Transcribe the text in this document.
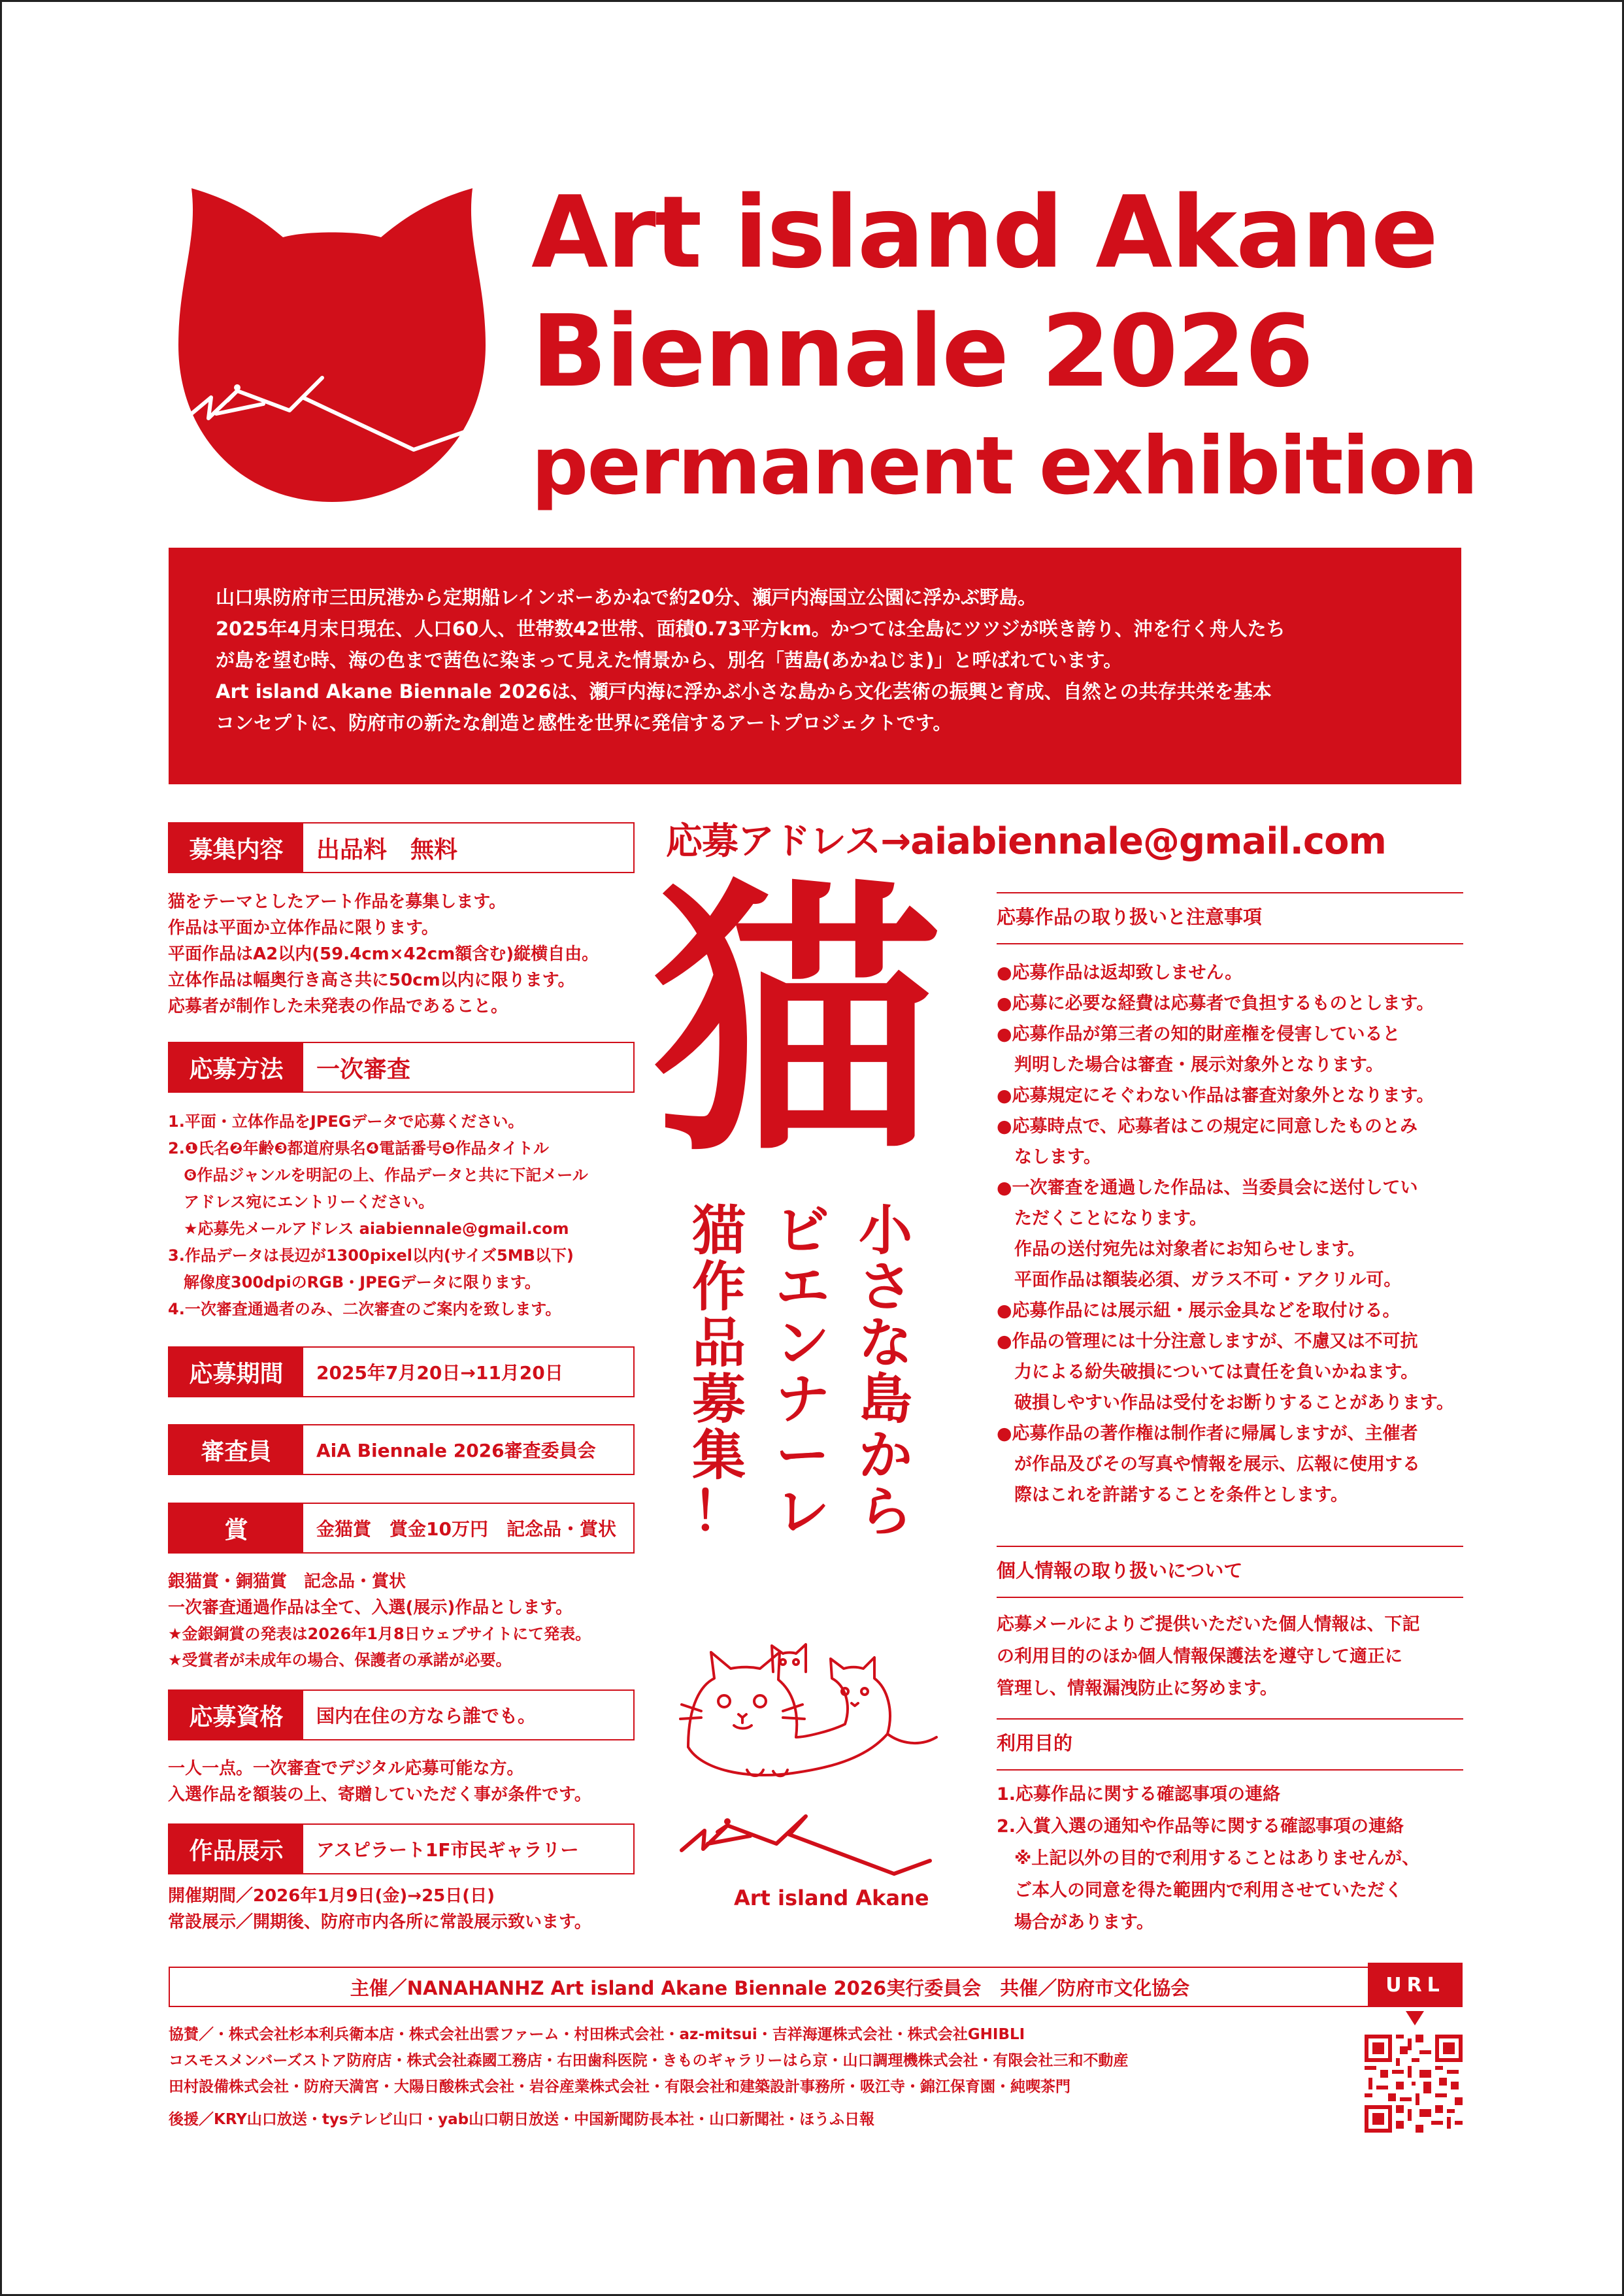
Art island Akane
Biennale 2026
permanent exhibition

山口県防府市三田尻港から定期船レインボーあかねで約20分、瀬戸内海国立公園に浮かぶ野島。

2025年4月末日現在、人口60人、世帯数42世帯、面積0.73平方km。かつては全島にツツジが咲き誇り、沖を行く舟人たち

が島を望む時、海の色まで茜色に染まって見えた情景から、別名「茜島(あかねじま)」と呼ばれています。

Art island Akane Biennale 2026は、瀬戸内海に浮かぶ小さな島から文化芸術の振興と育成、自然との共存共栄を基本

コンセプトに、防府市の新たな創造と感性を世界に発信するアートプロジェクトです。

募集内容	出品料　無料
猫をテーマとしたアート作品を募集します。
作品は平面か立体作品に限ります。
平面作品はA2以内(59.4cm×42cm額含む)縦横自由。
立体作品は幅奥行き高さ共に50cm以内に限ります。
応募者が制作した未発表の作品であること。
応募方法	一次審査
1.平面・立体作品をJPEGデータで応募ください。
2.❶氏名❷年齢❸都道府県名❹電話番号❺作品タイトル
　❻作品ジャンルを明記の上、作品データと共に下記メール
　アドレス宛にエントリーください。
　★応募先メールアドレス aiabiennale@gmail.com
3.作品データは長辺が1300pixel以内(サイズ5MB以下)
　解像度300dpiのRGB・JPEGデータに限ります。
4.一次審査通過者のみ、二次審査のご案内を致します。
応募期間	2025年7月20日→11月20日
審査員	AiA Biennale 2026審査委員会
賞	金猫賞　賞金10万円　記念品・賞状
銀猫賞・銅猫賞　記念品・賞状
一次審査通過作品は全て、入選(展示)作品とします。
★金銀銅賞の発表は2026年1月8日ウェブサイトにて発表。
★受賞者が未成年の場合、保護者の承諾が必要。
応募資格	国内在住の方なら誰でも。
一人一点。一次審査でデジタル応募可能な方。
入選作品を額装の上、寄贈していただく事が条件です。
作品展示	アスピラート1F市民ギャラリー
開催期間／2026年1月9日(金)→25日(日)
常設展示／開期後、防府市内各所に常設展示致います。
応募アドレス→aiabiennale@gmail.com
猫
小
さ
な
島
か
ら
ビ
エ
ン
ナ
ー
レ
猫
作
品
募
集
！
Art island Akane
応募作品の取り扱いと注意事項
●応募作品は返却致しません。
●応募に必要な経費は応募者で負担するものとします。
●応募作品が第三者の知的財産権を侵害していると
　判明した場合は審査・展示対象外となります。
●応募規定にそぐわない作品は審査対象外となります。
●応募時点で、応募者はこの規定に同意したものとみ
　なします。
●一次審査を通過した作品は、当委員会に送付してい
　ただくことになります。
　作品の送付宛先は対象者にお知らせします。
　平面作品は額装必須、ガラス不可・アクリル可。
●応募作品には展示紐・展示金具などを取付ける。
●作品の管理には十分注意しますが、不慮又は不可抗
　力による紛失破損については責任を負いかねます。
　破損しやすい作品は受付をお断りすることがあります。
●応募作品の著作権は制作者に帰属しますが、主催者
　が作品及びその写真や情報を展示、広報に使用する
　際はこれを許諾することを条件とします。
個人情報の取り扱いについて
応募メールによりご提供いただいた個人情報は、下記
の利用目的のほか個人情報保護法を遵守して適正に
管理し、情報漏洩防止に努めます。
利用目的
1.応募作品に関する確認事項の連絡
2.入賞入選の通知や作品等に関する確認事項の連絡
　※上記以外の目的で利用することはありませんが、
　ご本人の同意を得た範囲内で利用させていただく
　場合があります。
主催／NANAHANHZ Art island Akane Biennale 2026実行委員会　共催／防府市文化協会	URL
協賛／・株式会社杉本利兵衛本店・株式会社出雲ファーム・村田株式会社・az-mitsui・吉祥海運株式会社・株式会社GHIBLI
コスモスメンバーズストア防府店・株式会社森國工務店・右田歯科医院・きものギャラリーはら京・山口調理機株式会社・有限会社三和不動産
田村設備株式会社・防府天満宮・大陽日酸株式会社・岩谷産業株式会社・有限会社和建築設計事務所・吸江寺・錦江保育園・純喫茶門
後援／KRY山口放送・tysテレビ山口・yab山口朝日放送・中国新聞防長本社・山口新聞社・ほうふ日報
